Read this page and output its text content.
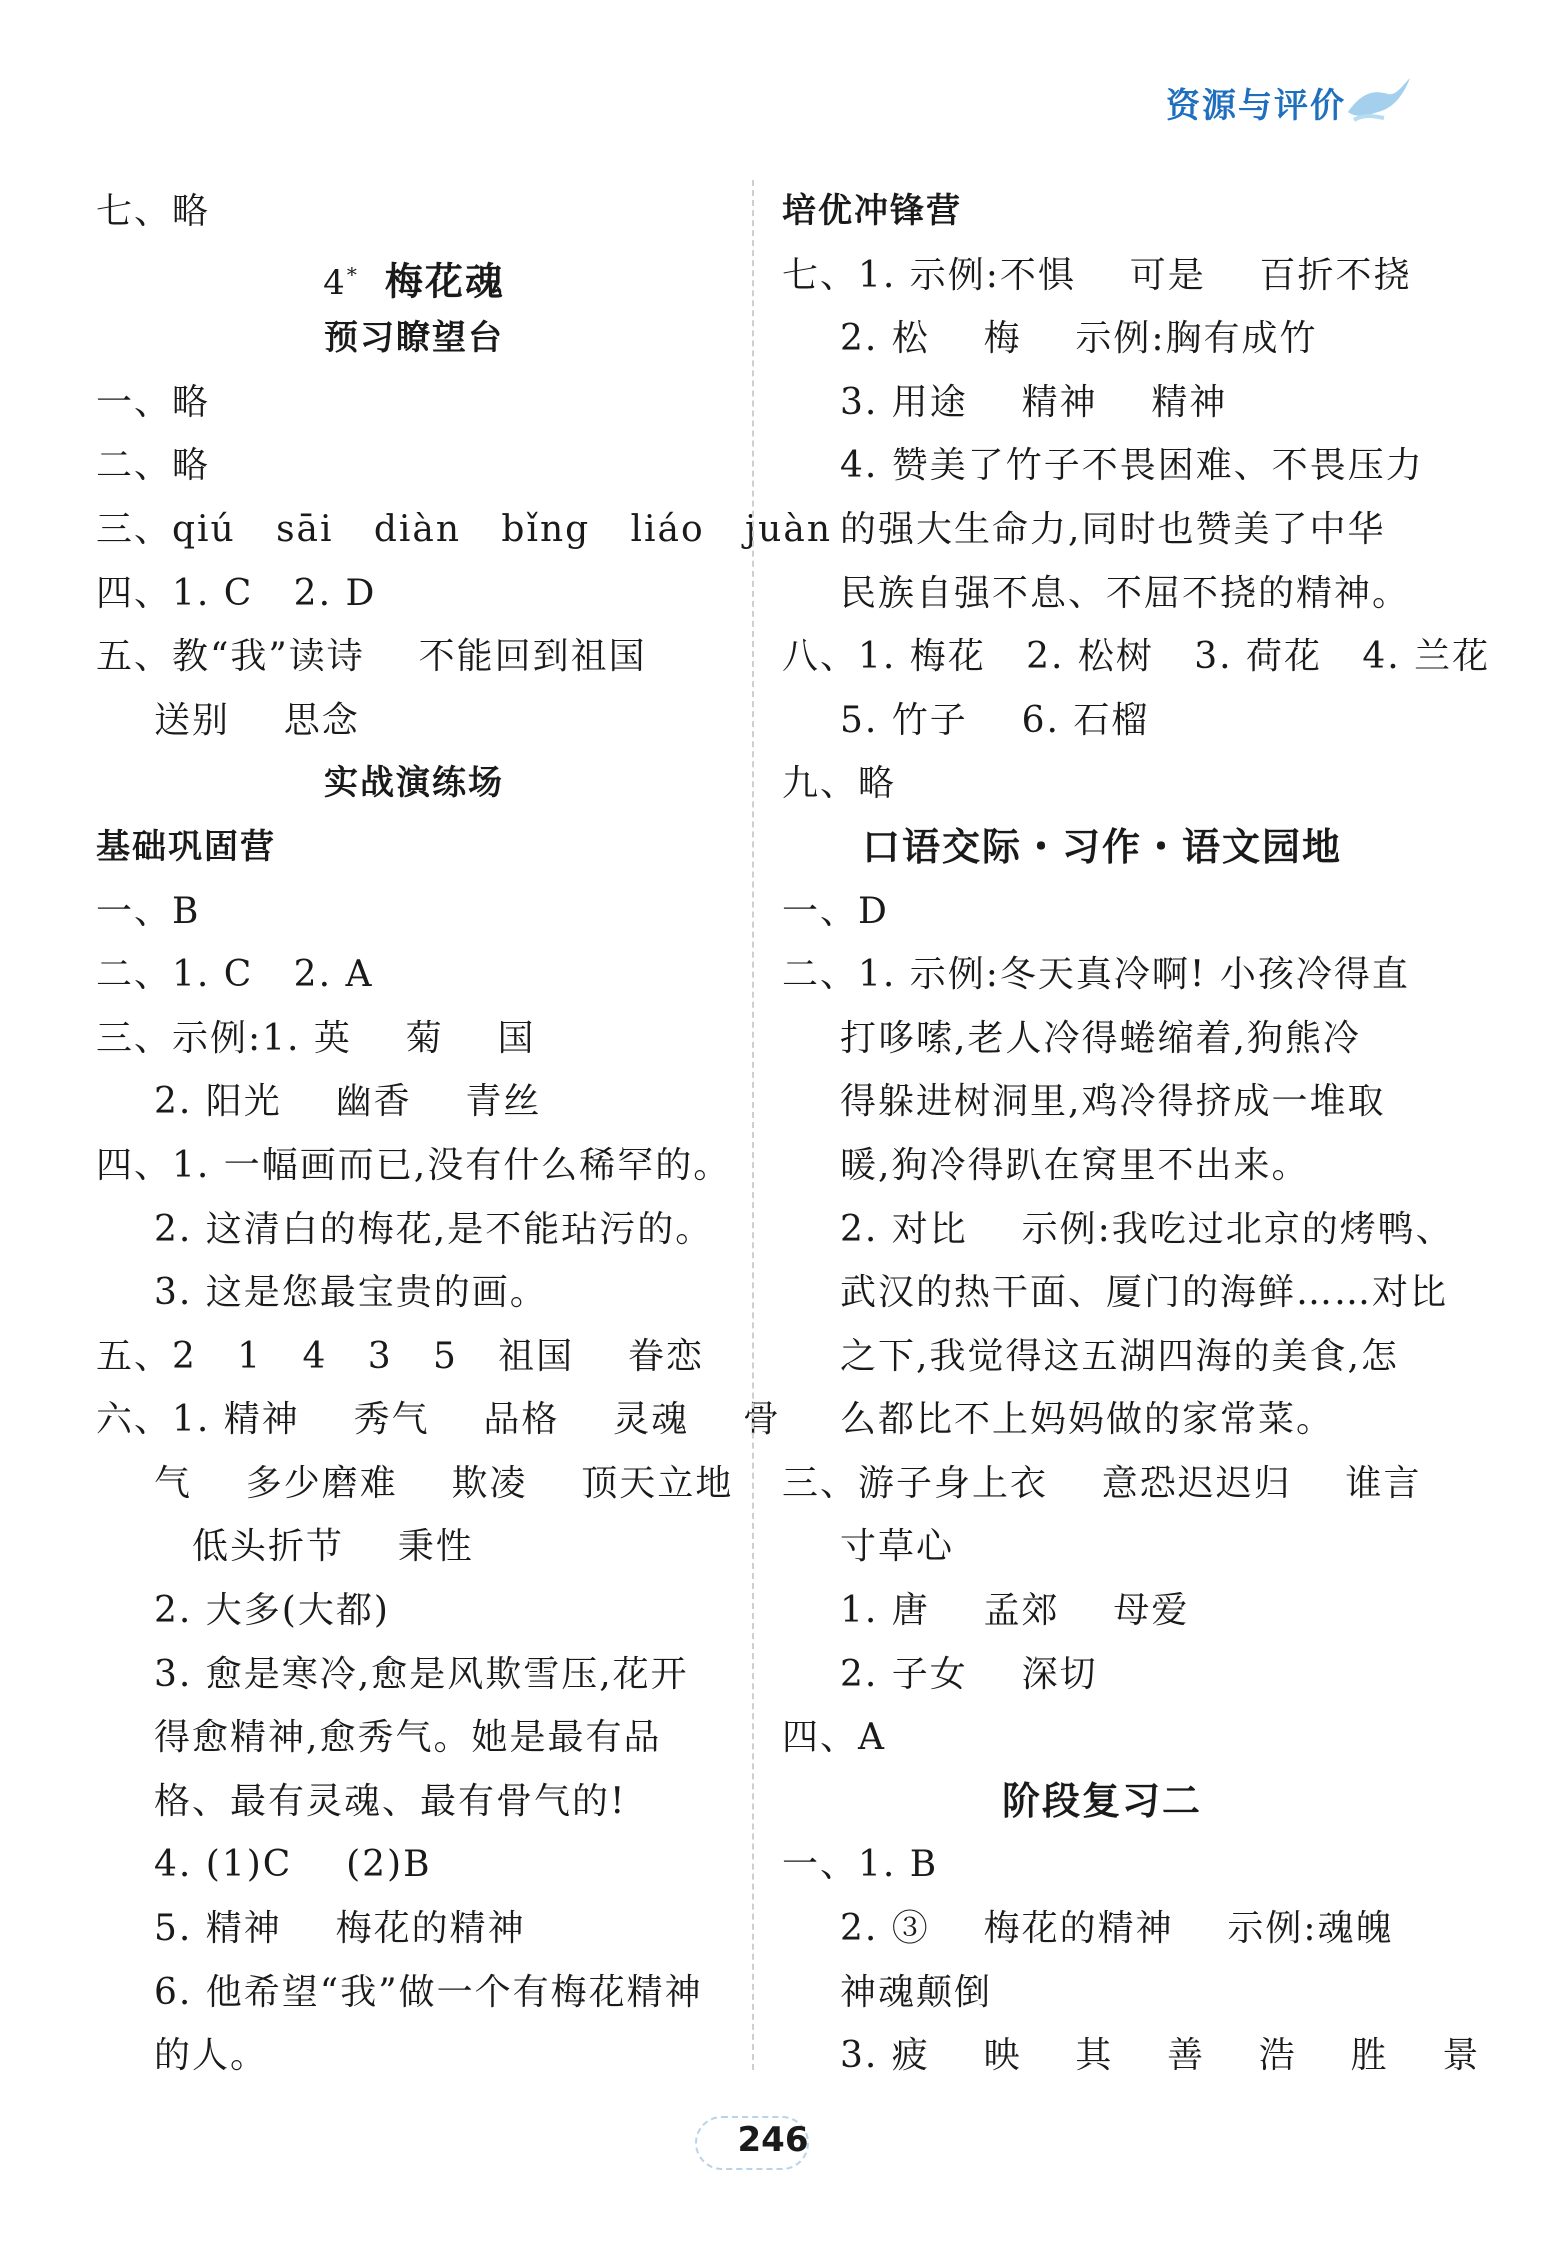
资源与评价
七、略
4* 梅花魂
预习瞭望台
一、略
二、略
三、qiú   sāi   diàn   bǐng   liáo   juàn
四、1. C   2. D
五、教“我”读诗    不能回到祖国
送别    思念
实战演练场
基础巩固营
一、B
二、1. C   2. A
三、示例:1. 英    菊    国
2. 阳光    幽香    青丝
四、1. 一幅画而已,没有什么稀罕的。
2. 这清白的梅花,是不能玷污的。
3. 这是您最宝贵的画。
五、2   1   4   3   5   祖国    眷恋
六、1. 精神    秀气    品格    灵魂    骨
气    多少磨难    欺凌    顶天立地
低头折节    秉性
2. 大多(大都)
3. 愈是寒冷,愈是风欺雪压,花开
得愈精神,愈秀气。她是最有品
格、最有灵魂、最有骨气的!
4. (1)C    (2)B
5. 精神    梅花的精神
6. 他希望“我”做一个有梅花精神
的人。
培优冲锋营
七、1. 示例:不惧    可是    百折不挠
2. 松    梅    示例:胸有成竹
3. 用途    精神    精神
4. 赞美了竹子不畏困难、不畏压力
的强大生命力,同时也赞美了中华
民族自强不息、不屈不挠的精神。
八、1. 梅花   2. 松树   3. 荷花   4. 兰花
5. 竹子    6. 石榴
九、略
口语交际・习作・语文园地
一、D
二、1. 示例:冬天真冷啊! 小孩冷得直
打哆嗦,老人冷得蜷缩着,狗熊冷
得躲进树洞里,鸡冷得挤成一堆取
暖,狗冷得趴在窝里不出来。
2. 对比    示例:我吃过北京的烤鸭、
武汉的热干面、厦门的海鲜……对比
之下,我觉得这五湖四海的美食,怎
么都比不上妈妈做的家常菜。
三、游子身上衣    意恐迟迟归    谁言
寸草心
1. 唐    孟郊    母爱
2. 子女    深切
四、A
阶段复习二
一、1. B
2. ③    梅花的精神    示例:魂魄
神魂颠倒
3. 疲    映    其    善    浩    胜    景
246
